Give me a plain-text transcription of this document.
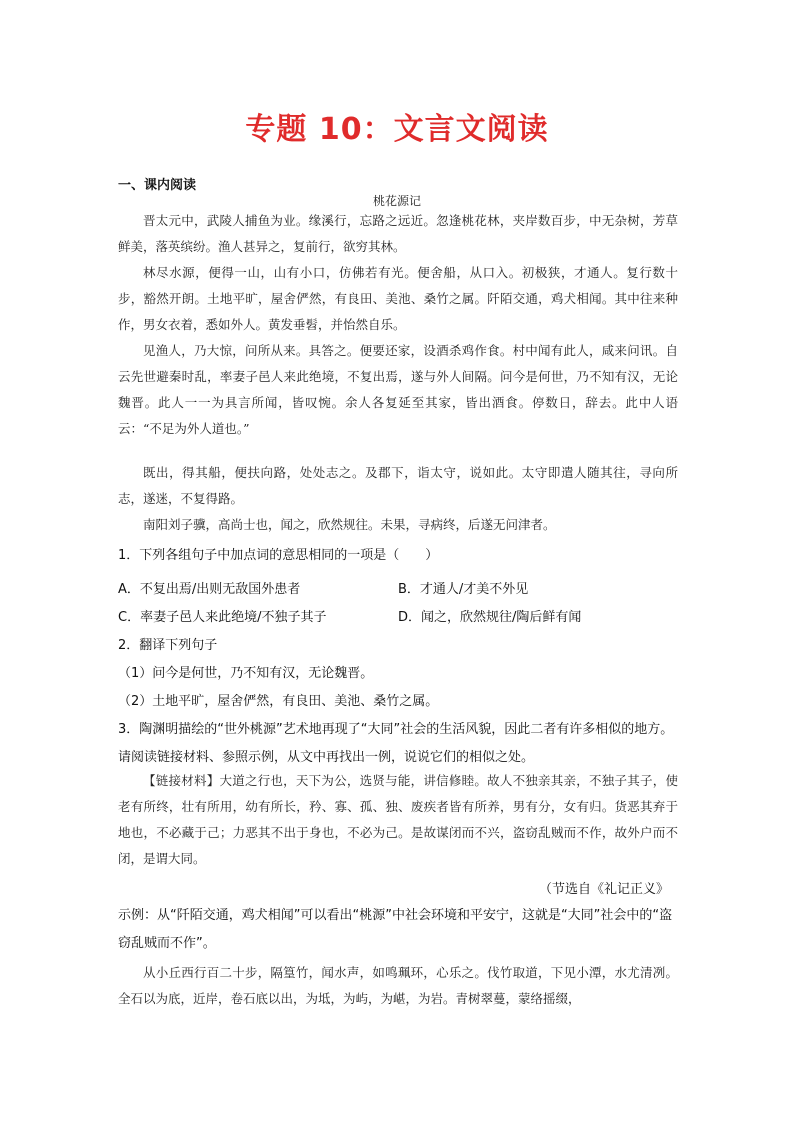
专题 10：文言文阅读
一、课内阅读
桃花源记

晋太元中，武陵人捕鱼为业。缘溪行，忘路之远近。忽逢桃花林，夹岸数百步，中无杂树，芳草鲜美，落英缤纷。渔人甚异之，复前行，欲穷其林。

林尽水源，便得一山，山有小口，仿佛若有光。便舍船，从口入。初极狭，才通人。复行数十步，豁然开朗。土地平旷，屋舍俨然，有良田、美池、桑竹之属。阡陌交通，鸡犬相闻。其中往来种作，男女衣着，悉如外人。黄发垂髫，并怡然自乐。

见渔人，乃大惊，问所从来。具答之。便要还家，设酒杀鸡作食。村中闻有此人，咸来问讯。自云先世避秦时乱，率妻子邑人来此绝境，不复出焉，遂与外人间隔。问今是何世，乃不知有汉，无论魏晋。此人一一为具言所闻，皆叹惋。余人各复延至其家，皆出酒食。停数日，辞去。此中人语云：“不足为外人道也。”

既出，得其船，便扶向路，处处志之。及郡下，诣太守，说如此。太守即遣人随其往，寻向所志，遂迷，不复得路。

南阳刘子骥，高尚士也，闻之，欣然规往。未果，寻病终，后遂无问津者。

1．下列各组句子中加点词的意思相同的一项是（　　）

A．不复出焉/出则无敌国外患者	B．才通人/才美不外见
C．率妻子邑人来此绝境/不独子其子	D．闻之，欣然规往/陶后鲜有闻

2．翻译下列句子

（1）问今是何世，乃不知有汉，无论魏晋。

（2）土地平旷，屋舍俨然，有良田、美池、桑竹之属。

3．陶渊明描绘的“世外桃源”艺术地再现了“大同”社会的生活风貌，因此二者有许多相似的地方。请阅读链接材料、参照示例，从文中再找出一例，说说它们的相似之处。

【链接材料】大道之行也，天下为公，选贤与能，讲信修睦。故人不独亲其亲，不独子其子，使老有所终，壮有所用，幼有所长，矜、寡、孤、独、废疾者皆有所养，男有分，女有归。货恶其弃于地也，不必藏于己；力恶其不出于身也，不必为己。是故谋闭而不兴，盗窃乱贼而不作，故外户而不闭，是谓大同。

（节选自《礼记正义》

示例：从“阡陌交通，鸡犬相闻”可以看出“桃源”中社会环境和平安宁，这就是“大同”社会中的“盗窃乱贼而不作”。

从小丘西行百二十步，隔篁竹，闻水声，如鸣珮环，心乐之。伐竹取道，下见小潭，水尤清冽。全石以为底，近岸，卷石底以出，为坻，为屿，为嵁，为岩。青树翠蔓，蒙络摇缀，
